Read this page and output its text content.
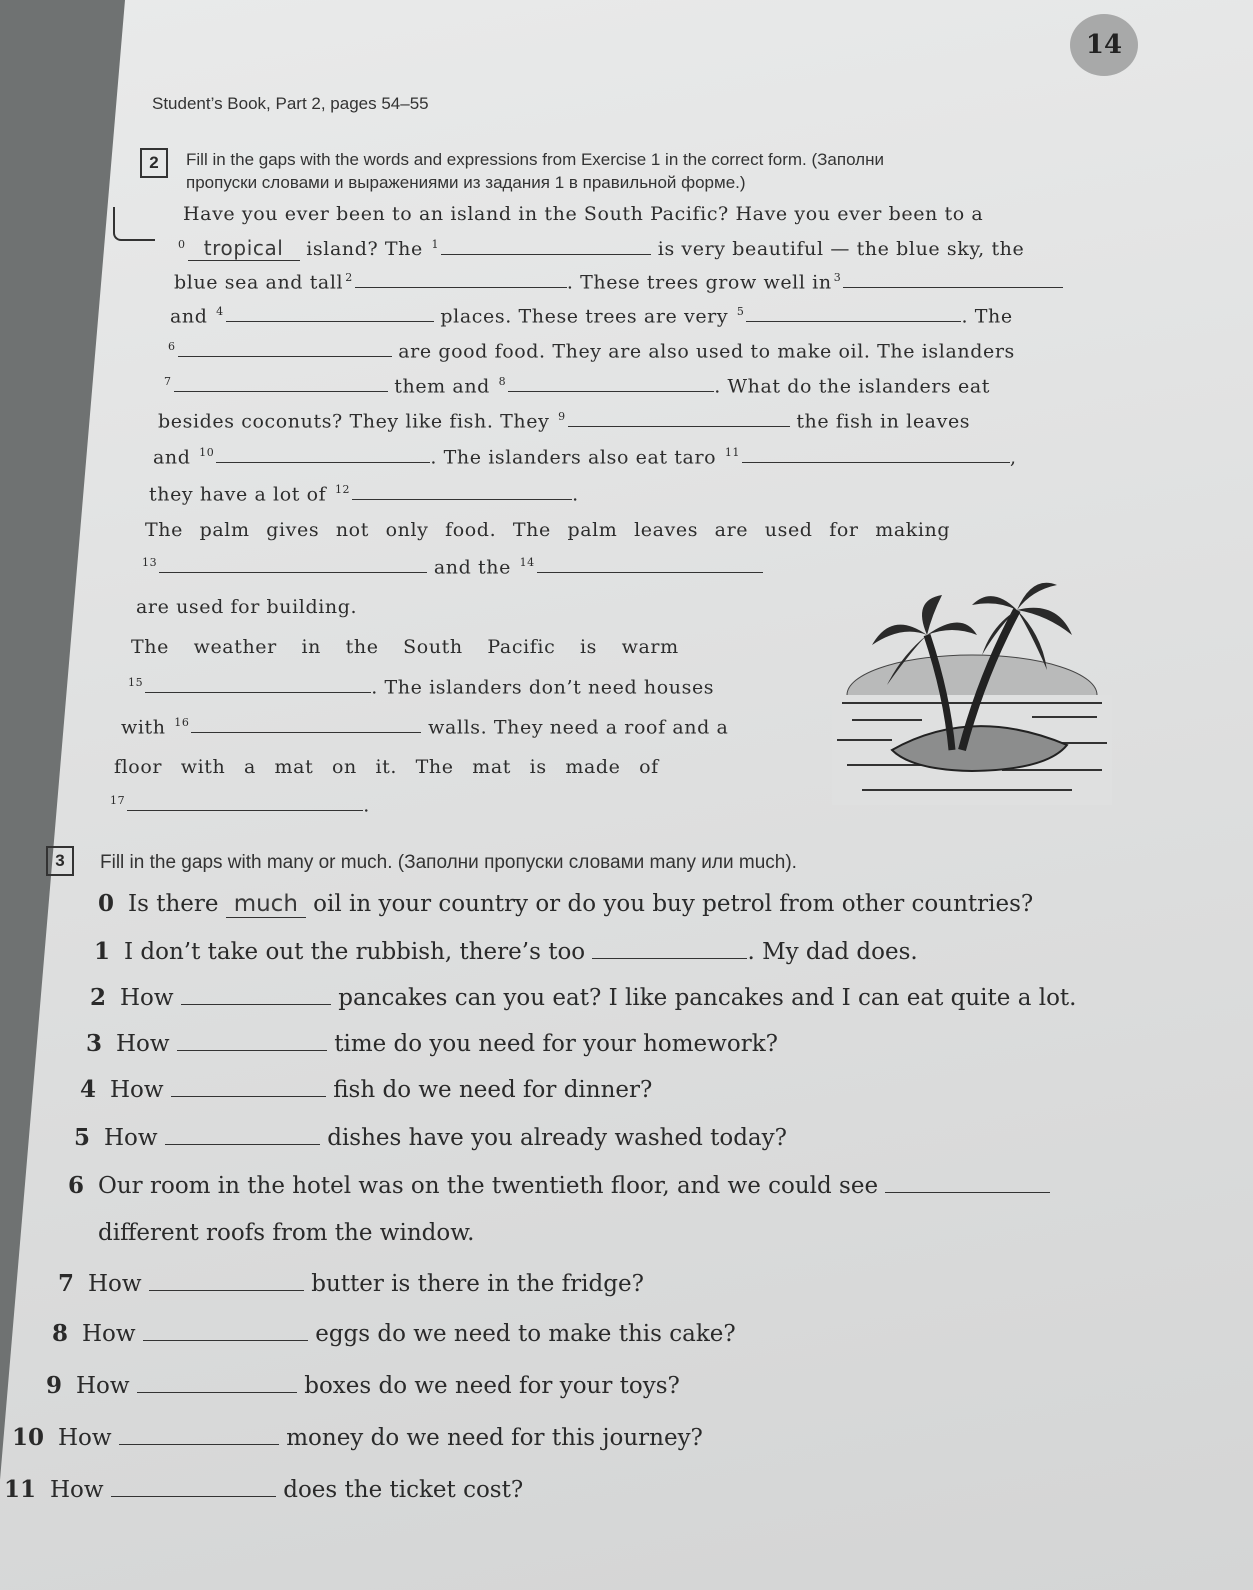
14
Student’s Book, Part 2, pages 54–55
2	Fill in the gaps with the words and expressions from Exercise 1 in the correct form. (Заполни
пропуски словами и выражениями из задания 1 в правильной форме.)
Have you ever been to an island in the South Pacific? Have you ever been to a
$^0$ tropical island? The $^1$	is very beautiful — the blue sky, the
blue sea and tall $^2$	. These trees grow well in $^3$
and $^4$	places. These trees are very $^5$	. The
$^6$	are good food. They are also used to make oil. The islanders
$^7$	them and $^8$	. What do the islanders eat
besides coconuts? They like fish. They $^9$	the fish in leaves
and $^{10}$	. The islanders also eat taro $^{11}$	,
they have a lot of $^{12}$	.
The palm gives not only food. The palm leaves are used for making
$^{13}$	and the $^{14}$
are used for building.
The weather in the South Pacific is warm
$^{15}$	. The islanders don’t need houses
with $^{16}$	walls. They need a roof and a
floor with a mat on it. The mat is made of
$^{17}$	.
3	Fill in the gaps with many or much. (Заполни пропуски словами many или much).
0 Is there much oil in your country or do you buy petrol from other countries?
1 I don’t take out the rubbish, there’s too	. My dad does.
2 How	pancakes can you eat? I like pancakes and I can eat quite a lot.
3 How	time do you need for your homework?
4 How	fish do we need for dinner?
5 How	dishes have you already washed today?
6 Our room in the hotel was on the twentieth floor, and we could see
different roofs from the window.
7 How	butter is there in the fridge?
8 How	eggs do we need to make this cake?
9 How	boxes do we need for your toys?
10 How	money do we need for this journey?
11 How	does the ticket cost?
